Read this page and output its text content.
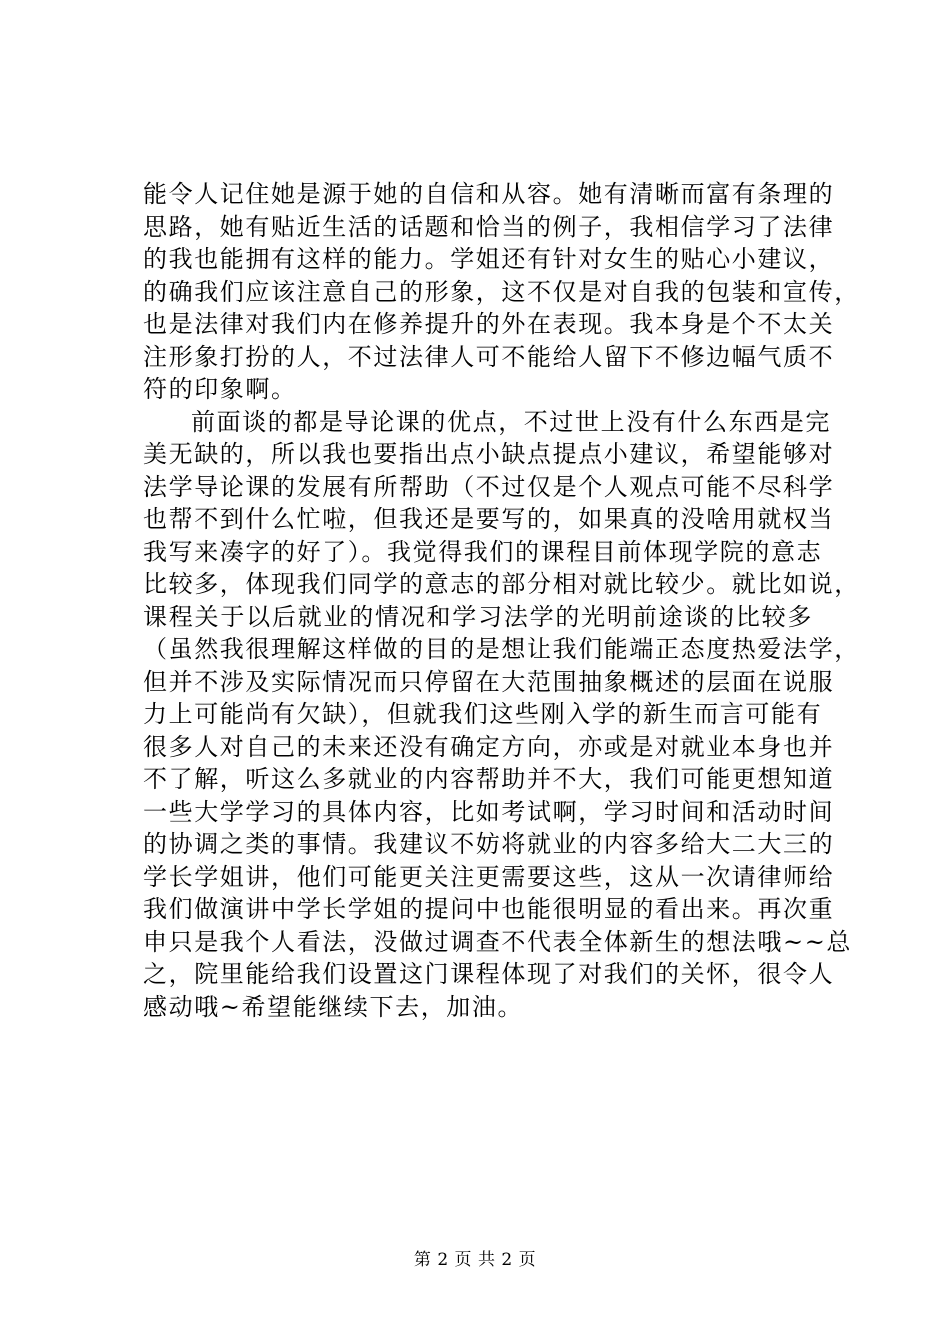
能令人记住她是源于她的自信和从容。她有清晰而富有条理的
思路，她有贴近生活的话题和恰当的例子，我相信学习了法律
的我也能拥有这样的能力。学姐还有针对女生的贴心小建议，
的确我们应该注意自己的形象，这不仅是对自我的包装和宣传，
也是法律对我们内在修养提升的外在表现。我本身是个不太关
注形象打扮的人，不过法律人可不能给人留下不修边幅气质不
符的印象啊。
前面谈的都是导论课的优点，不过世上没有什么东西是完
美无缺的，所以我也要指出点小缺点提点小建议，希望能够对
法学导论课的发展有所帮助（不过仅是个人观点可能不尽科学
也帮不到什么忙啦，但我还是要写的，如果真的没啥用就权当
我写来凑字的好了）。我觉得我们的课程目前体现学院的意志
比较多，体现我们同学的意志的部分相对就比较少。就比如说，
课程关于以后就业的情况和学习法学的光明前途谈的比较多
（虽然我很理解这样做的目的是想让我们能端正态度热爱法学，
但并不涉及实际情况而只停留在大范围抽象概述的层面在说服
力上可能尚有欠缺），但就我们这些刚入学的新生而言可能有
很多人对自己的未来还没有确定方向，亦或是对就业本身也并
不了解，听这么多就业的内容帮助并不大，我们可能更想知道
一些大学学习的具体内容，比如考试啊，学习时间和活动时间
的协调之类的事情。我建议不妨将就业的内容多给大二大三的
学长学姐讲，他们可能更关注更需要这些，这从一次请律师给
我们做演讲中学长学姐的提问中也能很明显的看出来。再次重
申只是我个人看法，没做过调查不代表全体新生的想法哦~~总
之，院里能给我们设置这门课程体现了对我们的关怀，很令人
感动哦~希望能继续下去，加油。
第 2 页 共 2 页
